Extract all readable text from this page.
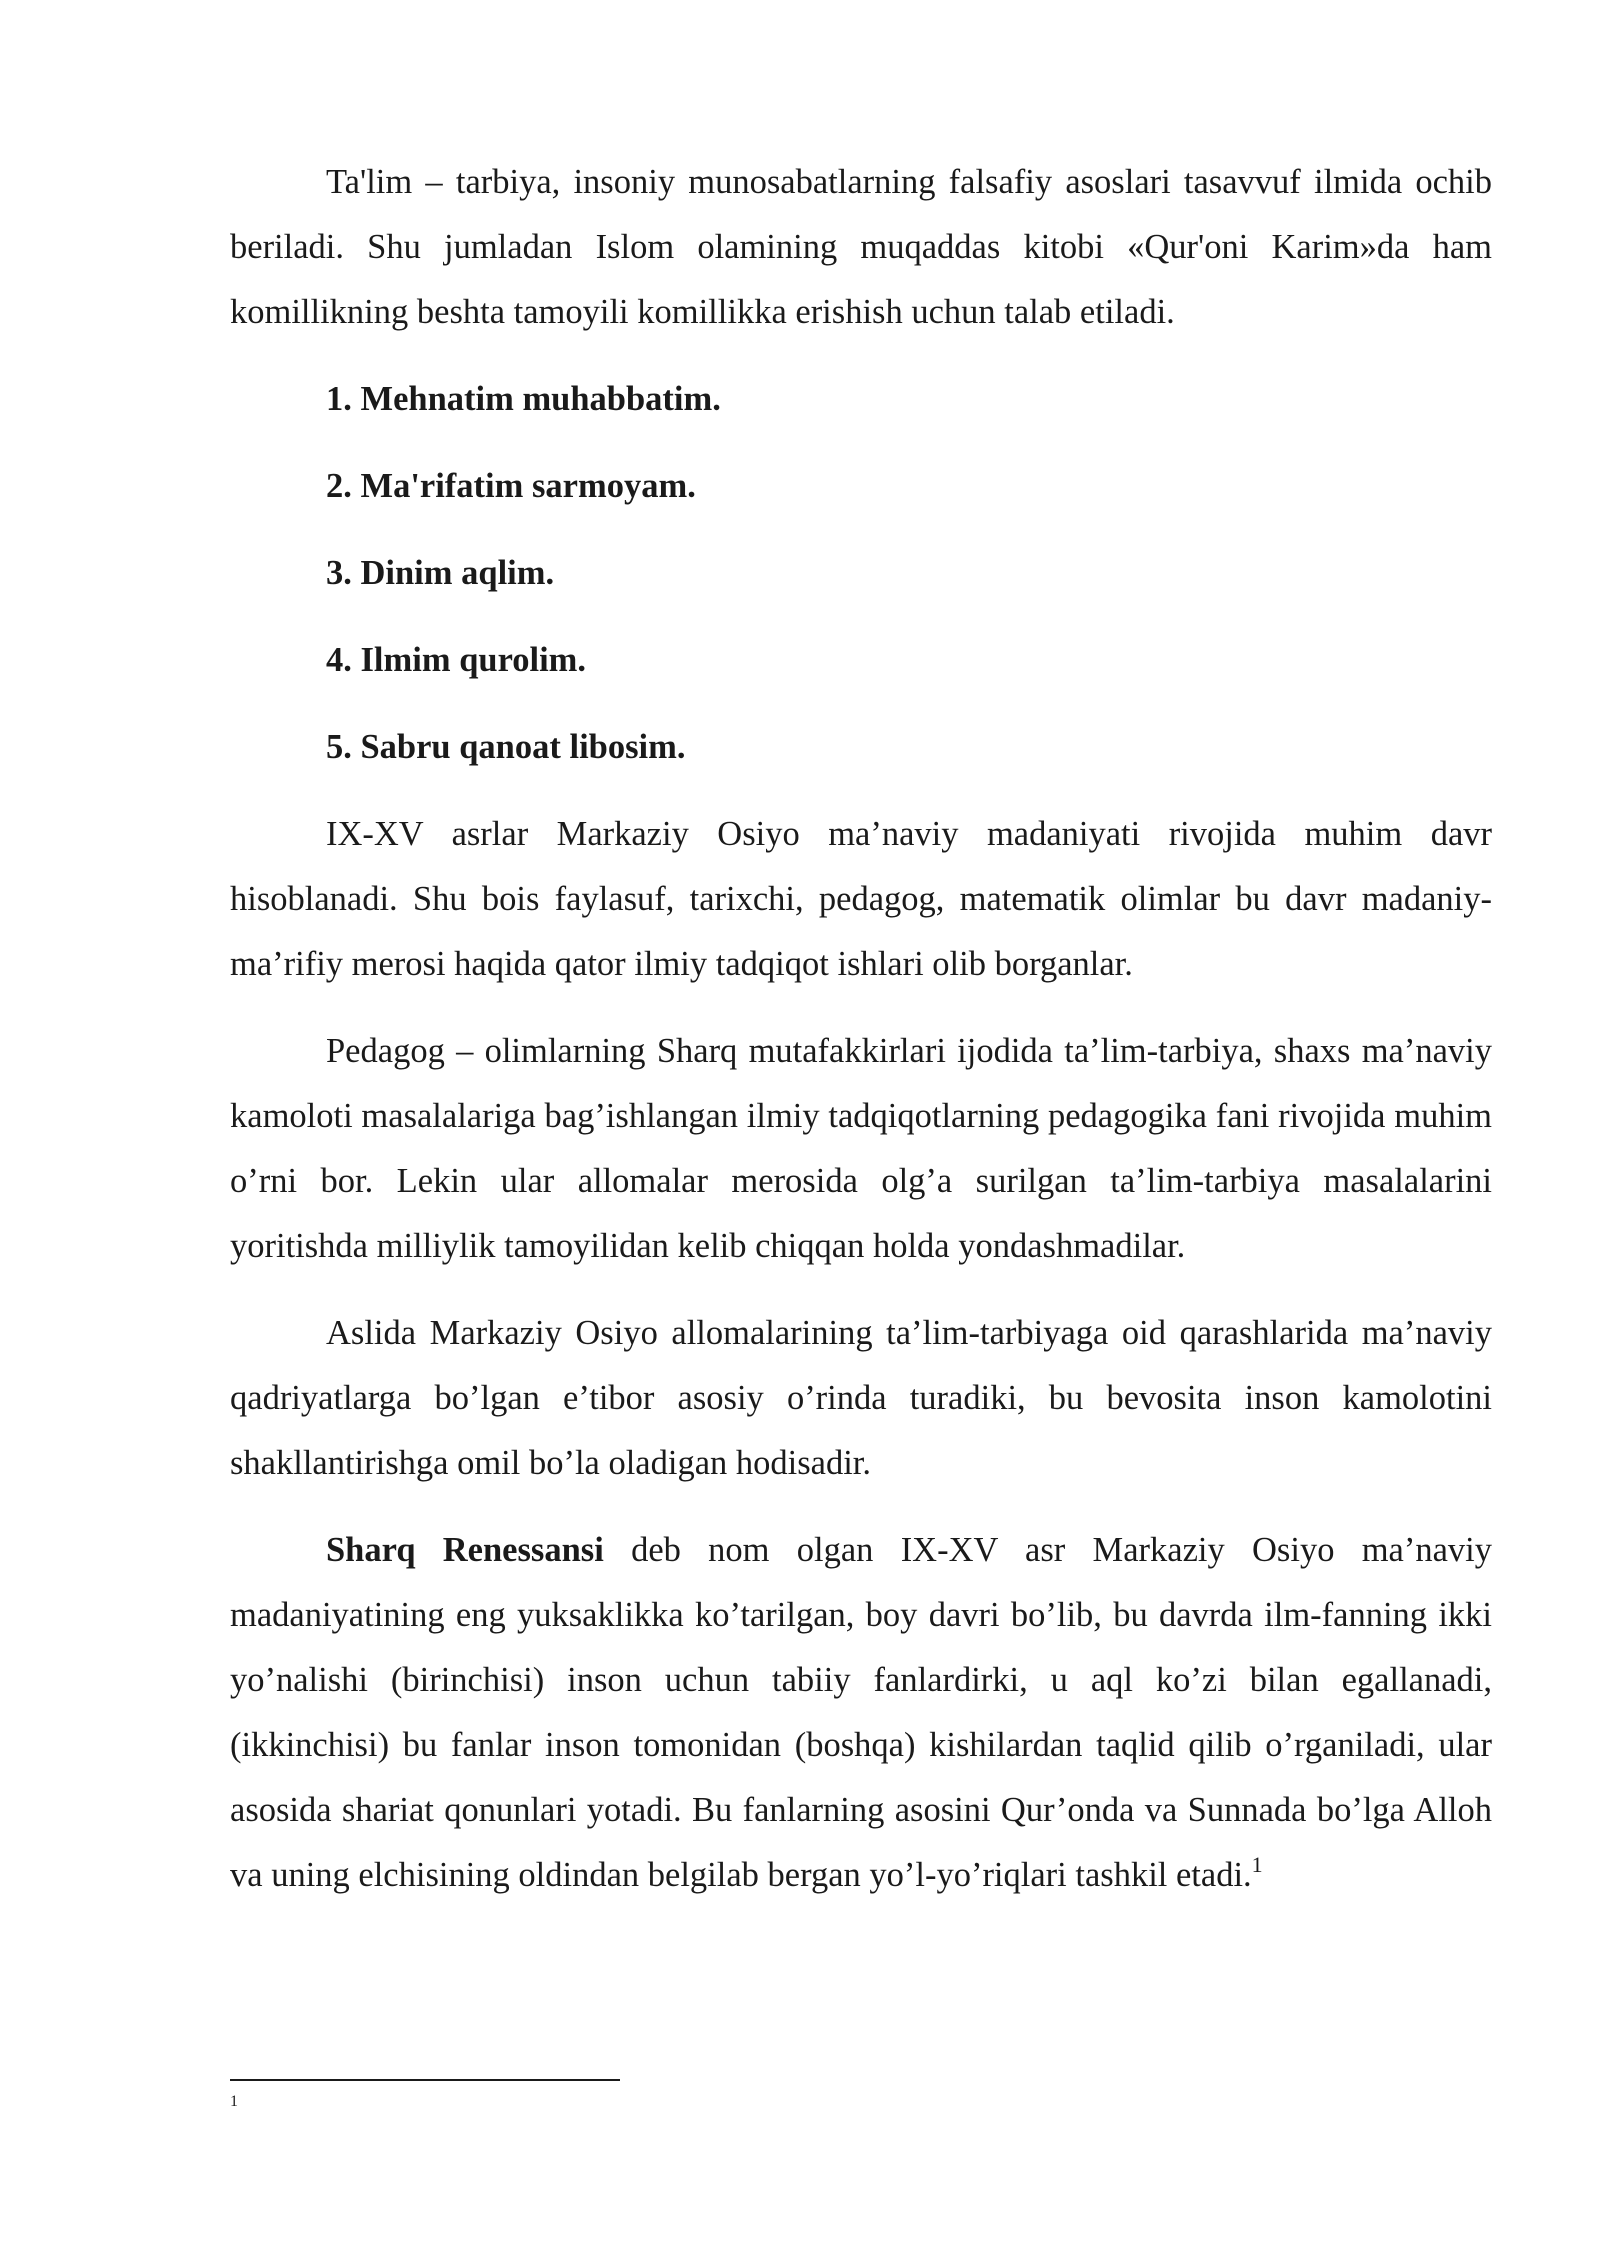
Ta'lim – tarbiya, insoniy munosabatlarning falsafiy asoslari tasavvuf ilmida ochib beriladi. Shu jumladan Islom olamining muqaddas kitobi «Qur'oni Karim»da ham komillikning beshta tamoyili komillikka erishish uchun talab etiladi.

1. Mehnatim muhabbatim.

2. Ma'rifatim sarmoyam.

3. Dinim aqlim.

4. Ilmim qurolim.

5. Sabru qanoat libosim.

IX-XV asrlar Markaziy Osiyo ma’naviy madaniyati rivojida muhim davr hisoblanadi. Shu bois faylasuf, tarixchi, pedagog, matematik olimlar bu davr madaniy-ma’rifiy merosi haqida qator ilmiy tadqiqot ishlari olib borganlar.

Pedagog – olimlarning Sharq mutafakkirlari ijodida ta’lim-tarbiya, shaxs ma’naviy kamoloti masalalariga bag’ishlangan ilmiy tadqiqotlarning pedagogika fani rivojida muhim o’rni bor. Lekin ular allomalar merosida olg’a surilgan ta’lim-tarbiya masalalarini yoritishda milliylik tamoyilidan kelib chiqqan holda yondashmadilar.

Aslida Markaziy Osiyo allomalarining ta’lim-tarbiyaga oid qarashlarida ma’naviy qadriyatlarga bo’lgan e’tibor asosiy o’rinda turadiki, bu bevosita inson kamolotini shakllantirishga omil bo’la oladigan hodisadir.

Sharq Renessansi deb nom olgan IX-XV asr Markaziy Osiyo ma’naviy madaniyatining eng yuksaklikka ko’tarilgan, boy davri bo’lib, bu davrda ilm-fanning ikki yo’nalishi (birinchisi) inson uchun tabiiy fanlardirki, u aql ko’zi bilan egallanadi, (ikkinchisi) bu fanlar inson tomonidan (boshqa) kishilardan taqlid qilib o’rganiladi, ular asosida shariat qonunlari yotadi. Bu fanlarning asosini Qur’onda va Sunnada bo’lga Alloh va uning elchisining oldindan belgilab bergan yo’l-yo’riqlari tashkil etadi.$^1$

1
